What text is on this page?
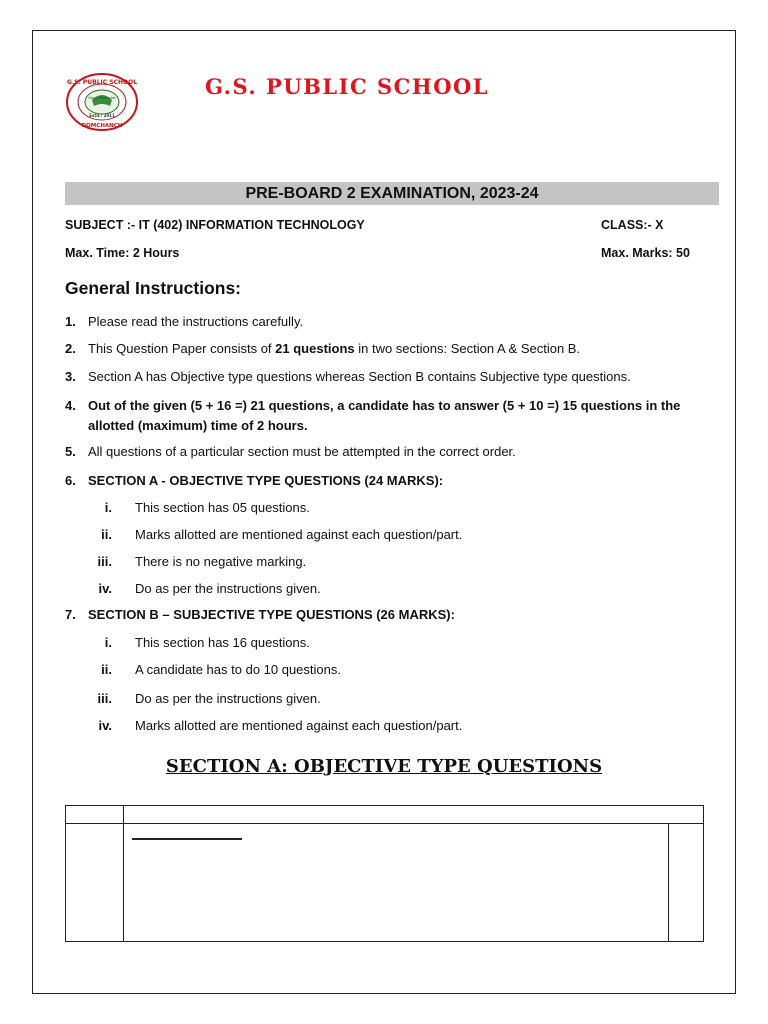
G.S. PUBLIC SCHOOL
DOMCHANCH
Good Character
Estd.: 2011
G.S. PUBLIC SCHOOL
PRE-BOARD 2 EXAMINATION, 2023-24
SUBJECT :- IT (402) INFORMATION TECHNOLOGY	CLASS:- X
Max. Time: 2 Hours	Max. Marks: 50
General Instructions:
1. Please read the instructions carefully.
2. This Question Paper consists of 21 questions in two sections: Section A & Section B.
3. Section A has Objective type questions whereas Section B contains Subjective type questions.
4. Out of the given (5 + 16 =) 21 questions, a candidate has to answer (5 + 10 =) 15 questions in the allotted (maximum) time of 2 hours.
5. All questions of a particular section must be attempted in the correct order.
6. SECTION A - OBJECTIVE TYPE QUESTIONS (24 MARKS):
i. This section has 05 questions.
ii. Marks allotted are mentioned against each question/part.
iii. There is no negative marking.
iv. Do as per the instructions given.
7. SECTION B – SUBJECTIVE TYPE QUESTIONS (26 MARKS):
i. This section has 16 questions.
ii. A candidate has to do 10 questions.
iii. Do as per the instructions given.
iv. Marks allotted are mentioned against each question/part.
SECTION A: OBJECTIVE TYPE QUESTIONS
